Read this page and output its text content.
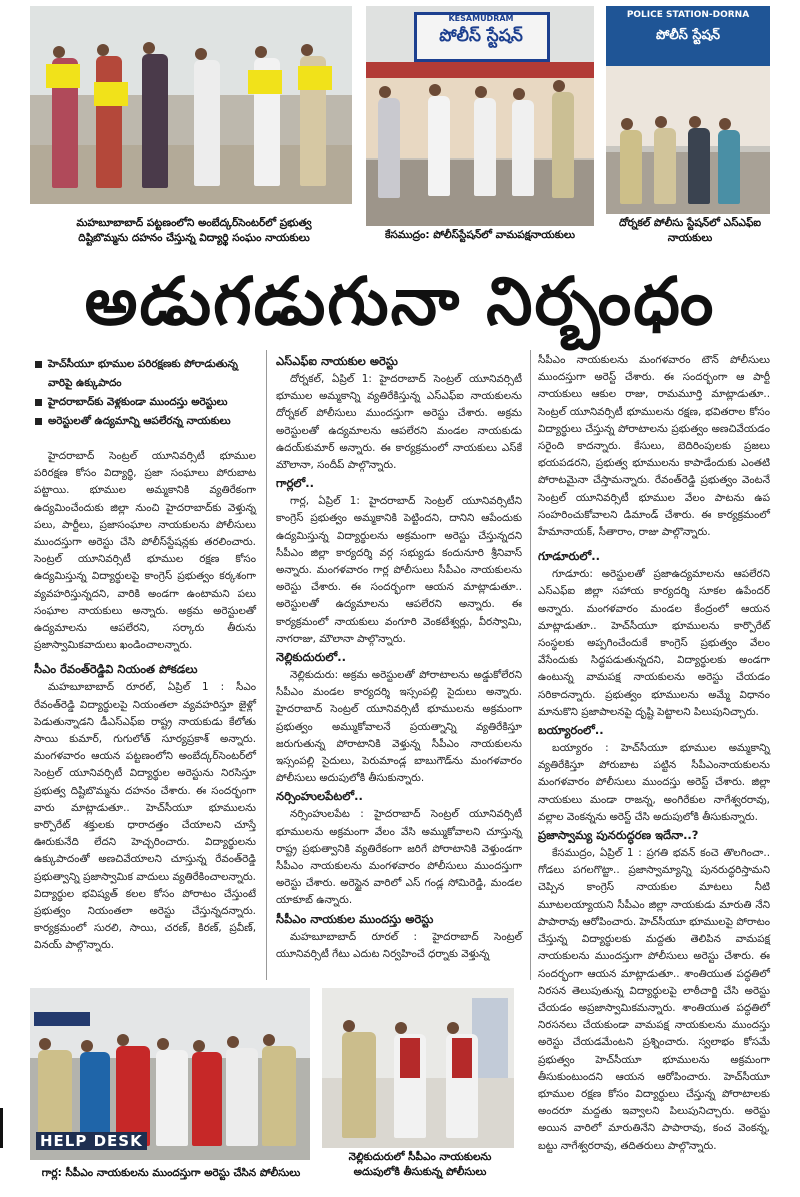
మహబూబాబాద్ పట్టణంలోని అంబేద్కర్‌సెంటర్‌లో ప్రభుత్వ దిష్టిబొమ్మను దహనం చేస్తున్న విద్యార్థి సంఘం నాయకులు
KESAMUDRAM
పోలీస్ స్టేషన్
కేసముద్రం: పోలీస్‌స్టేషన్‌లో వామపక్షనాయకులు
POLICE STATION-DORNA
పోలీస్ స్టేషన్
దోర్నకల్‌ పోలీసు స్టేషన్‌లో ఎస్‌ఎఫ్‌ఐ నాయకులు
అడుగడుగునా నిర్బంధం
హెచ్‌సీయూ భూముల పరిరక్షణకు పోరాడుతున్న వారిపై ఉక్కుపాదం
హైదరాబాద్‌కు వెళ్లకుండా ముందస్తు అరెస్టులు
అరెస్టులతో ఉద్యమాన్ని ఆపలేరన్న నాయకులు

హైదరాబాద్‌ సెంట్రల్‌ యూనివర్సిటీ భూముల పరిరక్షణ కోసం విద్యార్థి, ప్రజా సంఘాలు పోరుబాట పట్టాయి. భూముల అమ్మకానికి వ్యతిరేకంగా ఉద్యమించేందుకు జిల్లా నుంచి హైదరాబాద్‌కు వెళ్తున్న పలు, పార్టీలు, ప్రజాసంఘాల నాయకులను పోలీసులు ముందస్తుగా అరెస్టు చేసి పోలీస్‌స్టేషన్లకు తరలించారు. సెంట్రల్‌ యూనివర్సిటీ భూముల రక్షణ కోసం ఉద్యమిస్తున్న విద్యార్థులపై కాంగ్రెస్‌ ప్రభుత్వం కర్కశంగా వ్యవహరిస్తున్నదని, వారికి అండగా ఉంటామని పలు సంఘాల నాయకులు అన్నారు. అక్రమ అరెస్టులతో ఉద్యమాలను ఆపలేరని, సర్కారు తీరును ప్రజాస్వామికవాదులు ఖండించాలన్నారు.

సీఎం రేవంత్‌రెడ్డివి నియంత పోకడలు

మహబూబాబాద్‌ రూరల్‌, ఏప్రిల్‌ 1 : సీఎం రేవంత్‌రెడ్డి విద్యార్థులపై నియంతలా వ్యవహరిస్తూ జైళ్లో పెడుతున్నాడని డీఎస్‌ఎఫ్‌ఐ రాష్ట్ర నాయకుడు కేలోతు సాయి కుమార్‌, గుగులోత్‌ సూర్యప్రకాశ్‌ అన్నారు. మంగళవారం ఆయన పట్టణంలోని అంబేద్కర్‌సెంటర్‌లో సెంట్రల్‌ యూనివర్సిటీ విద్యార్థుల అరెస్టును నిరసిస్తూ ప్రభుత్వ దిష్టిబొమ్మను దహనం చేశారు. ఈ సందర్భంగా వారు మాట్లాడుతూ.. హెచ్‌సీయూ భూములను కార్పొరేట్‌ శక్తులకు ధారాదత్తం చేయాలని చూస్తే ఊరుకునేది లేదని హెచ్చరించారు. విద్యార్థులను ఉక్కుపాదంతో అణచివేయాలని చూస్తున్న రేవంత్‌రెడ్డి ప్రభుత్వాన్ని ప్రజాస్వామిక వాదులు వ్యతిరేకించాలన్నారు. విద్యార్థుల భవిష్యత్‌ కలల కోసం పోరాటం చేస్తుంటే ప్రభుత్వం నియంతలా అరెస్టు చేస్తున్నదన్నారు. కార్యక్రమంలో సురలి, సాయి, చరణ్‌, కిరణ్‌, ప్రవీణ్‌, వినయ్‌ పాల్గొన్నారు.

ఎస్‌ఎఫ్‌ఐ నాయకుల అరెస్టు

దోర్నకల్‌, ఏప్రిల్‌ 1: హైదరాబాద్‌ సెంట్రల్‌ యూనివర్సిటీ భూముల అమ్మకాన్ని వ్యతిరేకిస్తున్న ఎస్‌ఎఫ్‌ఐ నాయకులను దోర్నకల్‌ పోలీసులు ముందస్తుగా అరెస్టు చేశారు. అక్రమ అరెస్టులతో ఉద్యమాలను ఆపలేరని మండల నాయకుడు ఉదయ్‌కుమార్‌ అన్నారు. ఈ కార్యక్రమంలో నాయకులు ఎస్‌కే మౌలానా, సందీప్‌ పాల్గొన్నారు.

గార్లలో..

గార్ల, ఏప్రిల్‌ 1: హైదరాబాద్‌ సెంట్రల్‌ యూనివర్సిటీని కాంగ్రెస్‌ ప్రభుత్వం అమ్మకానికి పెట్టిందని, దానిని ఆపేందుకు ఉద్యమిస్తున్న విద్యార్థులను అక్రమంగా అరెస్టు చేస్తున్నదని సీపీఎం జిల్లా కార్యదర్శి వర్గ సభ్యుడు కందునూరి శ్రీనివాస్‌ అన్నారు. మంగళవారం గార్ల పోలీసులు సీపీఎం నాయకులను అరెస్టు చేశారు. ఈ సందర్భంగా ఆయన మాట్లాడుతూ.. అరెస్టులతో ఉద్యమాలను ఆపలేరని అన్నారు. ఈ కార్యక్రమంలో నాయకులు వంగూరి వెంకటేశ్వర్లు, వీరస్వామి, నాగరాజు, మౌలానా పాల్గొన్నారు.

నెల్లికుదురులో..

నెల్లికుదురు: అక్రమ అరెస్టులతో పోరాటాలను అడ్డుకోలేరని సీపీఎం మండల కార్యదర్శి ఇస్సంపల్లి సైదులు అన్నారు. హైదరాబాద్‌ సెంట్రల్‌ యూనివర్సిటీ భూములను అక్రమంగా ప్రభుత్వం అమ్ముకోవాలనే ప్రయత్నాన్ని వ్యతిరేకిస్తూ జరుగుతున్న పోరాటానికి వెళ్తున్న సీపీఎం నాయకులను ఇస్సంపల్లి సైదులు, పెరుమాండ్ల బాబుగౌడ్‌ను మంగళవారం పోలీసులు అదుపులోకి తీసుకున్నారు.

నర్సింహులపేటలో..

నర్సింహులపేట : హైదరాబాద్‌ సెంట్రల్‌ యూనివర్సిటీ భూములను అక్రమంగా వేలం వేసి అమ్ముకోవాలని చూస్తున్న రాష్ట్ర ప్రభుత్వానికి వ్యతిరేకంగా జరిగే పోరాటానికి వెళ్తుండగా సీపీఎం నాయకులను మంగళవారం పోలీసులు ముందస్తుగా అరెస్టు చేశారు. అరెస్టైన వారిలో ఎస్‌ గండ్ల సోమిరెడ్డి, మండల యాకూబ్‌ ఉన్నారు.

సీపీఎం నాయకుల ముందస్తు అరెస్టు

మహబూబాబాద్‌ రూరల్‌ : హైదరాబాద్‌ సెంట్రల్‌ యూనివర్సిటీ గేటు ఎదుట నిర్వహించే ధర్నాకు వెళ్తున్న

సీపీఎం నాయకులను మంగళవారం టౌన్‌ పోలీసులు ముందస్తుగా అరెస్ట్‌ చేశారు. ఈ సందర్భంగా ఆ పార్టీ నాయకులు ఆకుల రాజు, రామమూర్తి మాట్లాడుతూ.. సెంట్రల్‌ యూనివర్సిటీ భూములను రక్షణ, భవితరాల కోసం విద్యార్థులు చేస్తున్న పోరాటాలను ప్రభుత్వం అణచివేయడం సరైంది కాదన్నారు. కేసులు, బెదిరింపులకు ప్రజలు భయపడరని, ప్రభుత్వ భూములను కాపాడేందుకు ఎంతటి పోరాటమైనా చేస్తామన్నారు. రేవంత్‌రెడ్డి ప్రభుత్వం వెంటనే సెంట్రల్‌ యూనివర్సిటీ భూముల వేలం పాటను ఉప సంహరించుకోవాలని డిమాండ్‌ చేశారు. ఈ కార్యక్రమంలో హేమానాయక్‌, సీతారాం, రాజు పాల్గొన్నారు.

గూడూరులో..

గూడూరు: అరెస్టులతో ప్రజాఉద్యమాలను ఆపలేరని ఎస్‌ఎఫ్‌ఐ జిల్లా సహాయ కార్యదర్శి సూకల ఉపేందర్‌ అన్నారు. మంగళవారం మండల కేంద్రంలో ఆయన మాట్లాడుతూ.. హెచ్‌సీయూ భూములను కార్పొరేట్‌ సంస్థలకు అప్పగించేందుకే కాంగ్రెస్‌ ప్రభుత్వం వేలం వేసేందుకు సిద్ధపడుతున్నదని, విద్యార్థులకు అండగా ఉంటున్న వామపక్ష నాయకులను అరెస్టు చేయడం సరికాదన్నారు. ప్రభుత్వం భూములను అమ్మే విధానం మానుకొని ప్రజాపాలనపై దృష్టి పెట్టాలని పిలుపునిచ్చారు.

బయ్యారంలో..

బయ్యారం : హెచ్‌సీయూ భూముల అమ్మకాన్ని వ్యతిరేకిస్తూ పోరుబాట పట్టిన సీపీఎంనాయకులను మంగళవారం పోలీసులు ముందస్తు అరెస్ట్‌ చేశారు. జిల్లా నాయకులు మండా రాజన్న, అంగిరేకుల నాగేశ్వరరావు, వల్లాల వెంకన్నను అరెస్ట్‌ చేసి అదుపులోకి తీసుకున్నారు.

ప్రజాస్వామ్య పునరుద్ధరణ ఇదేనా..?

కేసముద్రం, ఏప్రిల్‌ 1 : ప్రగతి భవన్‌ కంచె తొలగించా.. గోడలు పగలగొట్టా.. ప్రజాస్వామ్యాన్ని పునరుద్ధరిస్తామని చెప్పిన కాంగ్రెస్‌ నాయకుల మాటలు నీటి మూటలయ్యాయని సీపీఎం జిల్లా నాయకుడు మారుతి నేని పాపారావు ఆరోపించారు. హెచ్‌సీయూ భూములపై పోరాటం చేస్తున్న విద్యార్థులకు మద్దతు తెలిపిన వామపక్ష నాయకులను ముందస్తుగా పోలీసులు అరెస్టు చేశారు. ఈ సందర్భంగా ఆయన మాట్లాడుతూ.. శాంతియుత పద్ధతిలో నిరసన తెలుపుతున్న విద్యార్థులపై లాఠీచార్జి చేసి అరెస్టు చేయడం అప్రజాస్వామికమన్నారు. శాంతియుత పద్ధతిలో నిరసనలు చేయకుండా వామపక్ష నాయకులను ముందస్తు అరెస్టు చేయడమేంటని ప్రశ్నించారు. స్వలాభం కోసమే ప్రభుత్వం హెచ్‌సీయూ భూములను అక్రమంగా తీసుకుంటుందని ఆయన ఆరోపించారు. హెచ్‌సీయూ భూముల రక్షణ కోసం విద్యార్థులు చేస్తున్న పోరాటాలకు అందరూ మద్దతు ఇవ్వాలని పిలుపునిచ్చారు. అరెస్టు అయిన వారిలో మారుతినేని పాపారావు, కంచ వెంకన్న, బట్టు నాగేశ్వరరావు, తదితరులు పాల్గొన్నారు.

HELP DESK
గార్ల: సీపీఎం నాయకులను ముందస్తుగా అరెస్టు చేసిన పోలీసులు
నెల్లికుదురులో సీపీఎం నాయకులను అదుపులోకి తీసుకున్న పోలీసులు
